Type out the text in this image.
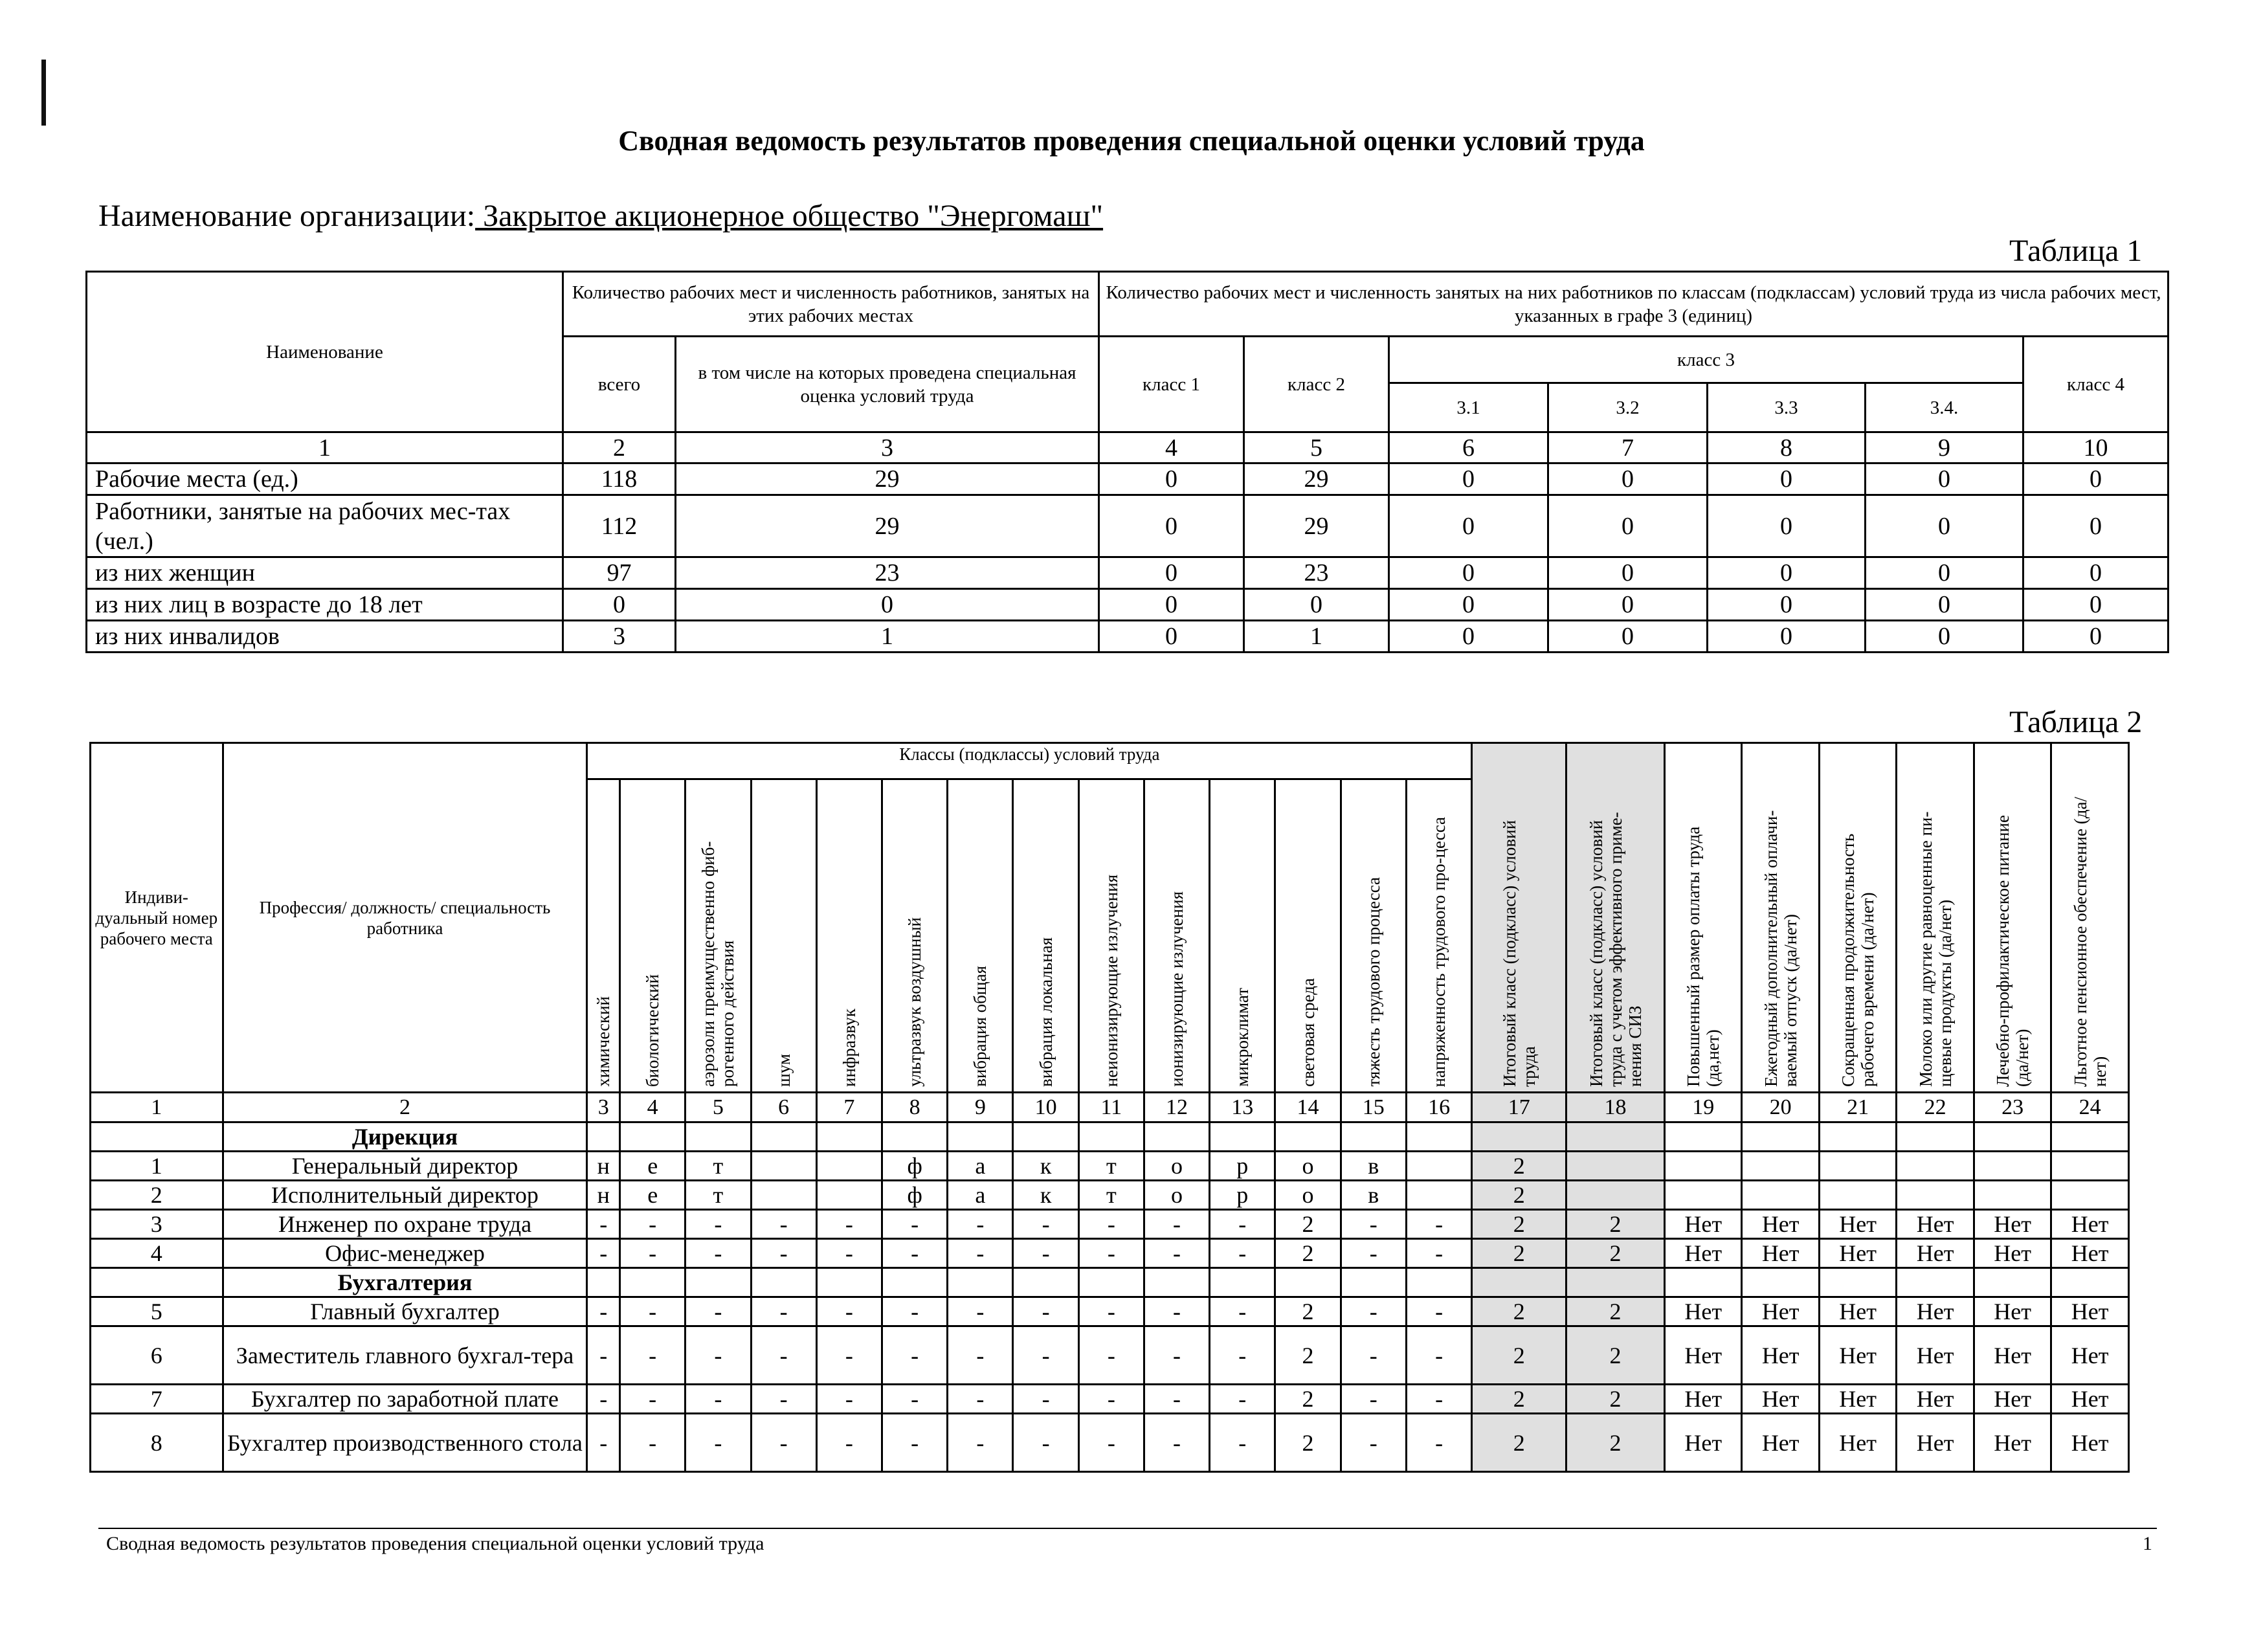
Сводная ведомость результатов проведения специальной оценки условий труда
Наименование организации: Закрытое акционерное общество "Энергомаш"
Таблица 1
Наименование	Количество рабочих мест и численность работников, занятых на этих рабочих местах		Количество рабочих мест и численность занятых на них работников по классам (подклассам) условий труда из числа рабочих мест, указанных в графе 3 (единиц)						
	всего	в том числе на которых проведена специальная оценка условий труда	класс 1	класс 2	класс 3				класс 4
					3.1	3.2	3.3	3.4.	
1	2	3	4	5	6	7	8	9	10
Рабочие места (ед.)	118	29	0	29	0	0	0	0	0
Работники, занятые на рабочих мес-тах (чел.)	112	29	0	29	0	0	0	0	0
из них женщин	97	23	0	23	0	0	0	0	0
из них лиц в возрасте до 18 лет	0	0	0	0	0	0	0	0	0
из них инвалидов	3	1	0	1	0	0	0	0	0
Таблица 2
Индиви-дуальный номер рабочего места	Профессия/ должность/ специальность работника	Классы (подклассы) условий труда														Итоговый класс (подкласс) условий труда	Итоговый класс (подкласс) условий труда с учетом эффективного приме-нения СИЗ	Повышенный размер оплаты труда (да,нет)	Ежегодный дополнительный оплачи-ваемый отпуск (да/нет)	Сокращенная продолжительность рабочего времени (да/нет)	Молоко или другие равноценные пи-щевые продукты (да/нет)	Лечебно-профилактическое питание (да/нет)	Льготное пенсионное обеспечение (да/нет)
		химический	биологический	аэрозоли преимущественно фиб-рогенного действия	шум	инфразвук	ультразвук воздушный	вибрация общая	вибрация локальная	неионизирующие излучения	ионизирующие излучения	микроклимат	световая среда	тяжесть трудового процесса	напряженность трудового про-цесса								
1	2	3	4	5	6	7	8	9	10	11	12	13	14	15	16	17	18	19	20	21	22	23	24
	Дирекция																						
1	Генеральный директор	н	е	т			ф	а	к	т	о	р	о	в		2							
2	Исполнительный директор	н	е	т			ф	а	к	т	о	р	о	в		2							
3	Инженер по охране труда	-	-	-	-	-	-	-	-	-	-	-	2	-	-	2	2	Нет	Нет	Нет	Нет	Нет	Нет
4	Офис-менеджер	-	-	-	-	-	-	-	-	-	-	-	2	-	-	2	2	Нет	Нет	Нет	Нет	Нет	Нет
	Бухгалтерия																						
5	Главный бухгалтер	-	-	-	-	-	-	-	-	-	-	-	2	-	-	2	2	Нет	Нет	Нет	Нет	Нет	Нет
6	Заместитель главного бухгал-тера	-	-	-	-	-	-	-	-	-	-	-	2	-	-	2	2	Нет	Нет	Нет	Нет	Нет	Нет
7	Бухгалтер по заработной плате	-	-	-	-	-	-	-	-	-	-	-	2	-	-	2	2	Нет	Нет	Нет	Нет	Нет	Нет
8	Бухгалтер производственного стола	-	-	-	-	-	-	-	-	-	-	-	2	-	-	2	2	Нет	Нет	Нет	Нет	Нет	Нет
Сводная ведомость результатов проведения специальной оценки условий труда	1
